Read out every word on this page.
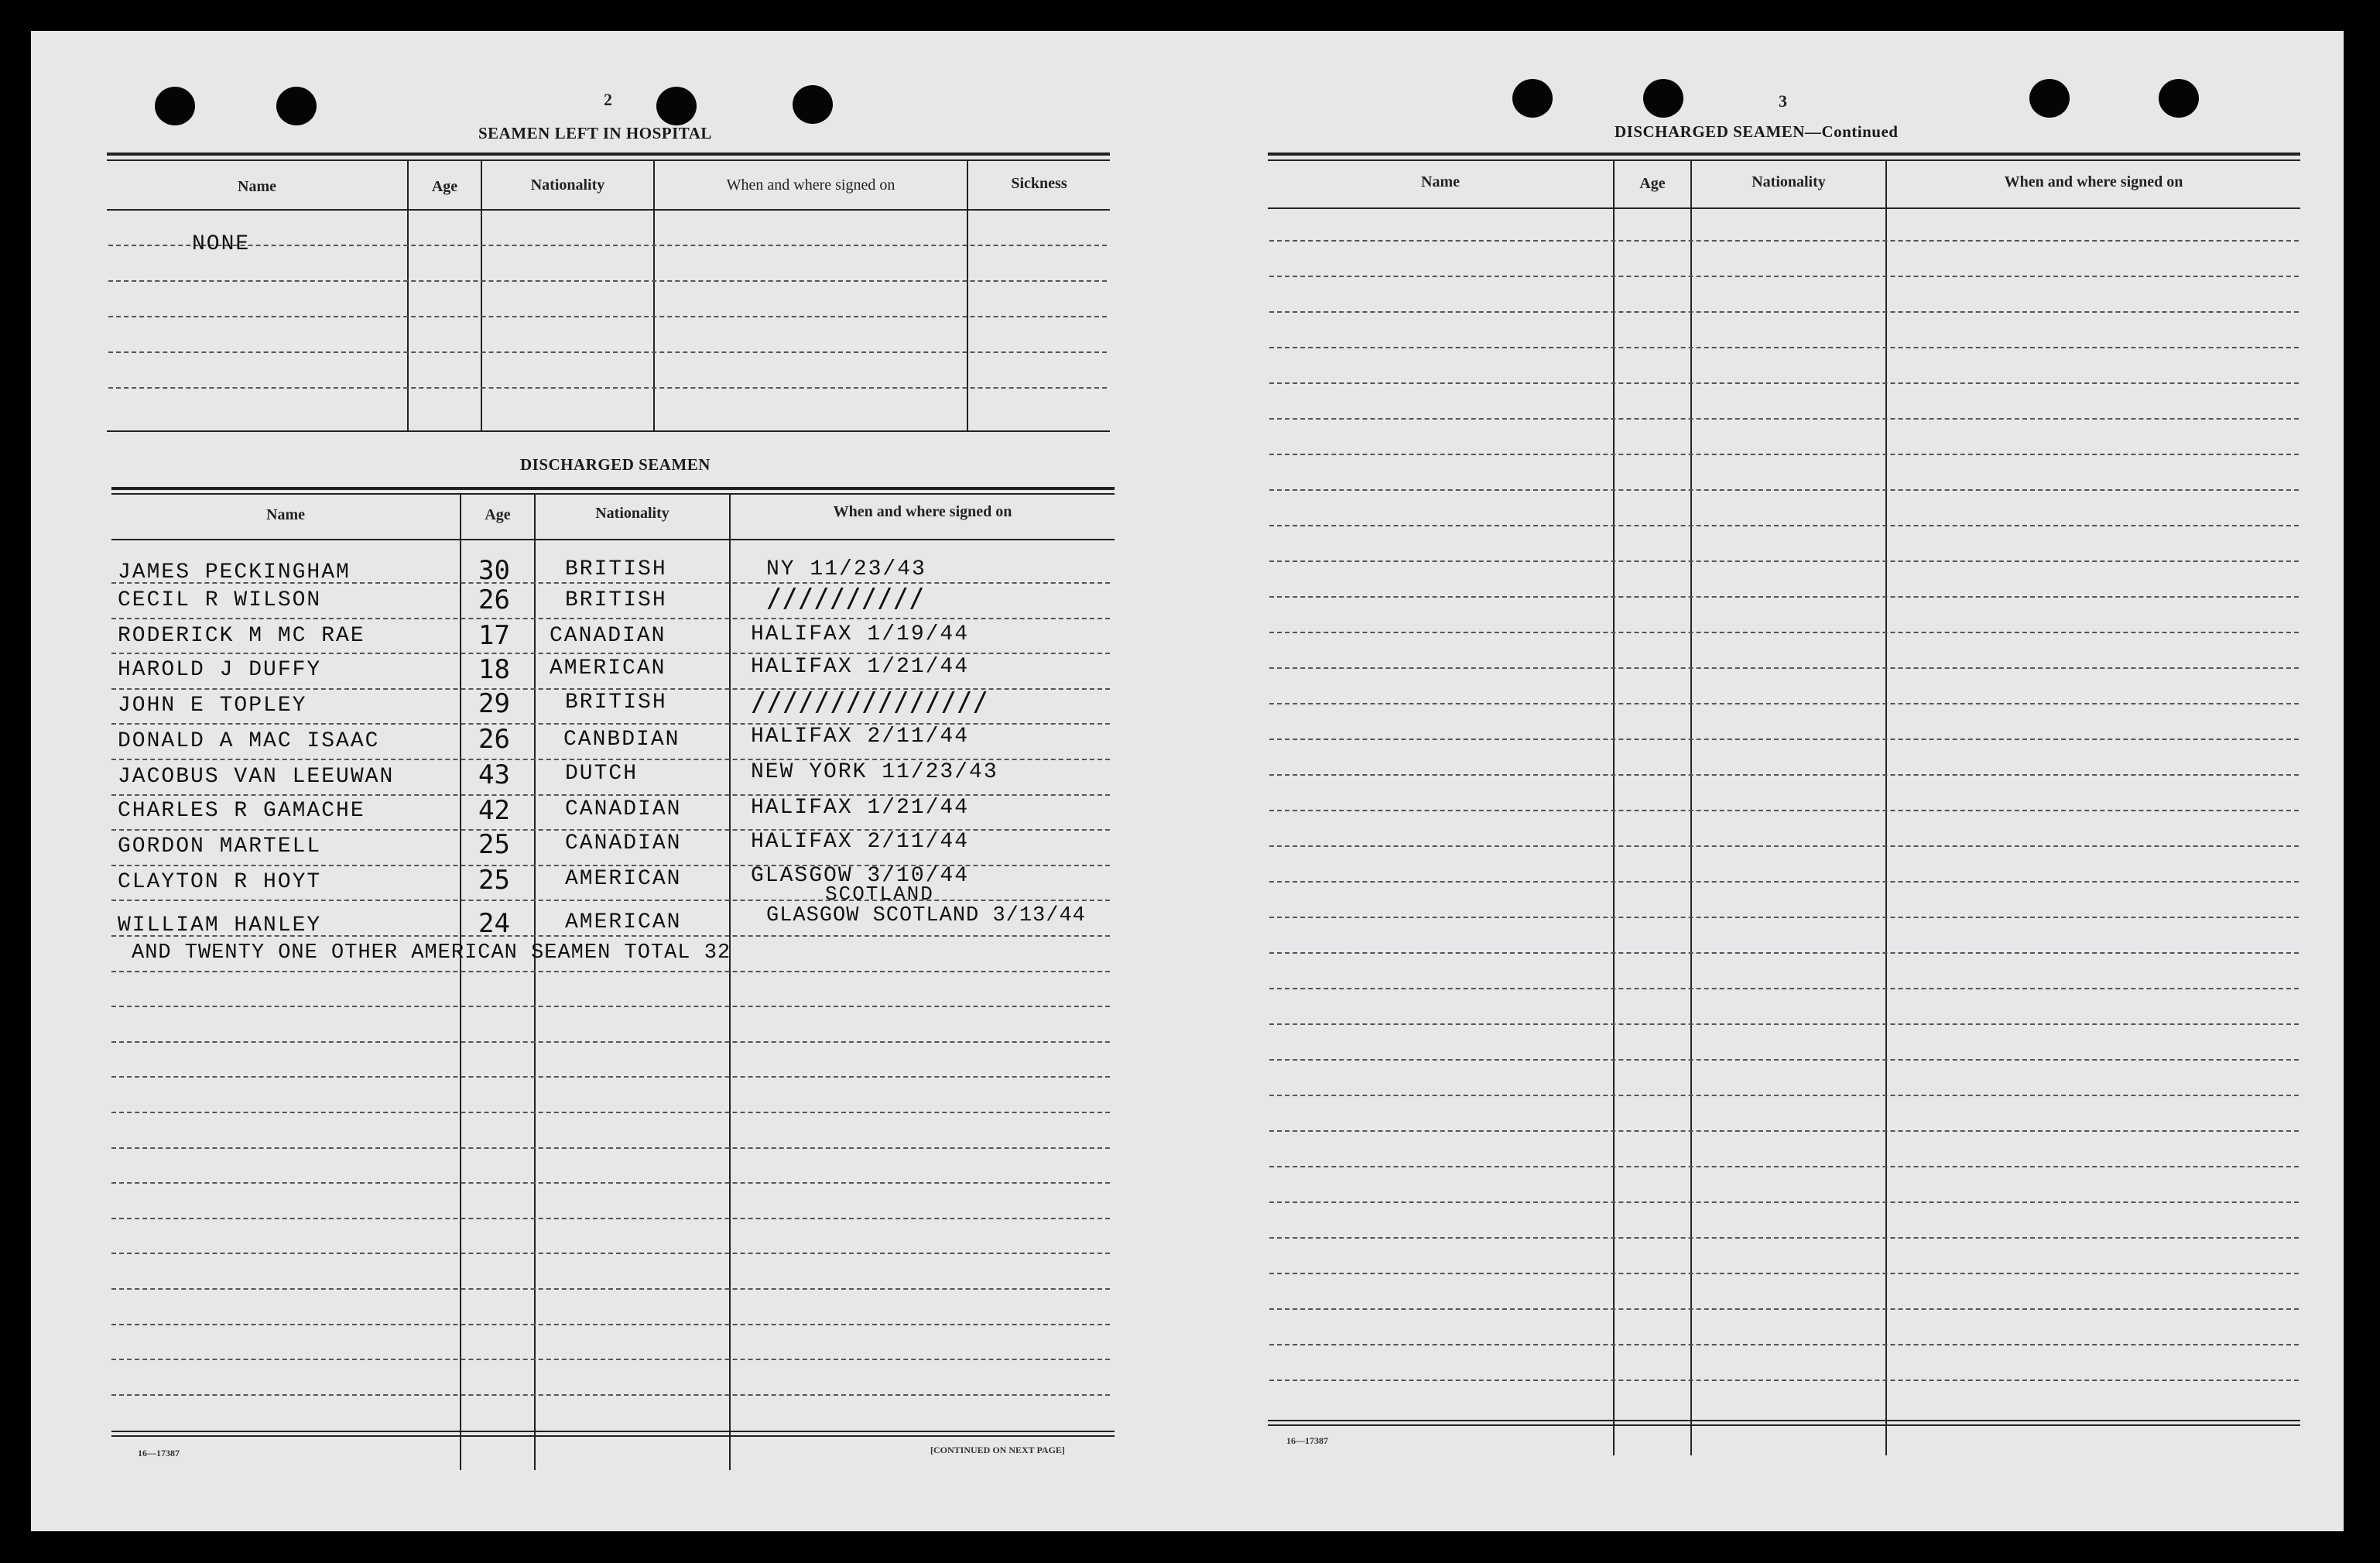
2
SEAMEN LEFT IN HOSPITAL
Name	Age	Nationality	When and where signed on	Sickness
NONE
DISCHARGED SEAMEN
Name	Age	Nationality	When and where signed on
JAMES PECKINGHAM	30	BRITISH	NY 11/23/43
CECIL R WILSON	26	BRITISH	//////////
RODERICK M MC RAE	17 CANADIAN	HALIFAX 1/19/44
HAROLD J DUFFY	18 AMERICAN	HALIFAX 1/21/44
JOHN E TOPLEY	29	BRITISH	///////////////
DONALD A MAC ISAAC	26 CANBDIAN	HALIFAX 2/11/44
JACOBUS VAN LEEUWAN	43	DUTCH	NEW YORK 11/23/43
CHARLES R GAMACHE	42	CANADIAN	HALIFAX 1/21/44
GORDON MARTELL	25	CANADIAN	HALIFAX 2/11/44
CLAYTON R HOYT	25	AMERICAN	GLASGOW 3/10/44
SCOTLAND
WILLIAM HANLEY	24	AMERICAN	GLASGOW SCOTLAND 3/13/44
AND TWENTY ONE OTHER AMERICAN SEAMEN TOTAL 32
16—17387	[CONTINUED ON NEXT PAGE]
3
DISCHARGED SEAMEN—Continued
Name	Age	Nationality	When and where signed on
16—17387
